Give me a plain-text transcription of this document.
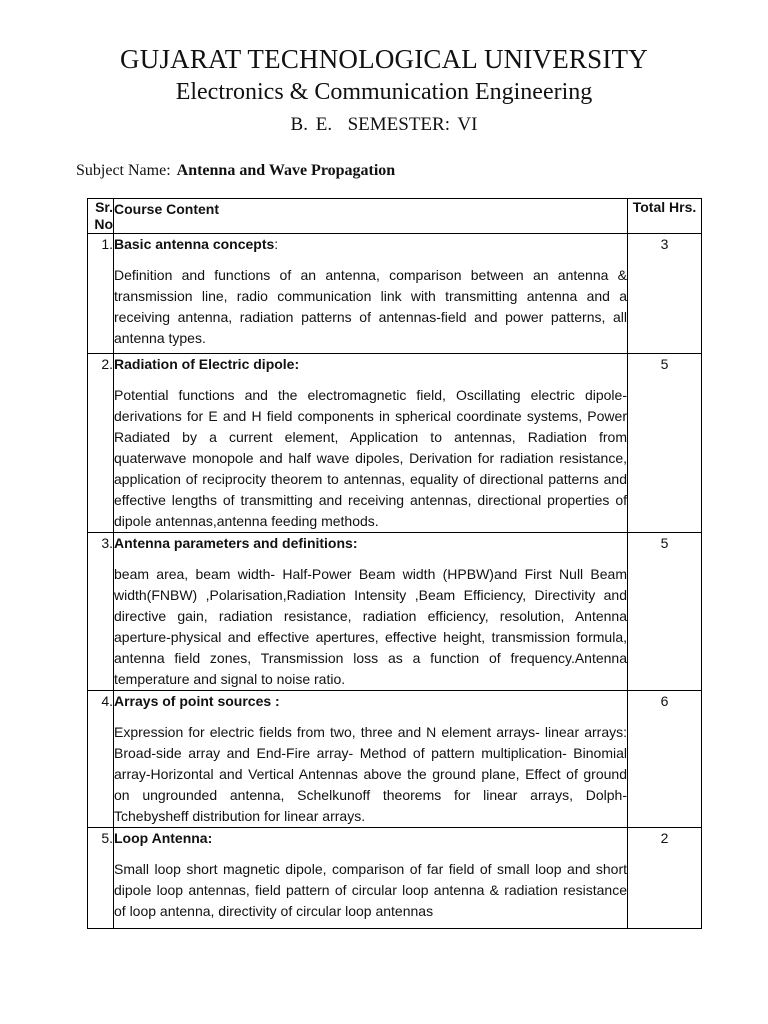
GUJARAT TECHNOLOGICAL UNIVERSITY
Electronics & Communication Engineering
B. E.  SEMESTER: VI
Subject Name: Antenna and Wave Propagation
Sr. No	Course Content	Total Hrs.
1.	Basic antenna concepts:
Definition and functions of an antenna, comparison between an antenna & transmission line, radio communication link with transmitting antenna and a receiving antenna, radiation patterns of antennas-field and power patterns, all antenna types.	3
2.	Radiation of Electric dipole:
Potential functions and the electromagnetic field, Oscillating electric dipole-derivations for E and H field components in spherical coordinate systems, Power Radiated by a current element, Application to antennas, Radiation from quaterwave monopole and half wave dipoles, Derivation for radiation resistance, application of reciprocity theorem to antennas, equality of directional patterns and effective lengths of transmitting and receiving antennas, directional properties of dipole antennas,antenna feeding methods.	5
3.	Antenna parameters and definitions:
beam area, beam width- Half-Power Beam width (HPBW)and First Null Beam width(FNBW) ,Polarisation,Radiation Intensity ,Beam Efficiency, Directivity and directive gain, radiation resistance, radiation efficiency, resolution, Antenna aperture-physical and effective apertures, effective height, transmission formula, antenna field zones, Transmission loss as a function of frequency.Antenna temperature and signal to noise ratio.	5
4.	Arrays of point sources :
Expression for electric fields from two, three and N element arrays- linear arrays: Broad-side array and End-Fire array- Method of pattern multiplication- Binomial array-Horizontal and Vertical Antennas above the ground plane, Effect of ground on ungrounded antenna, Schelkunoff theorems for linear arrays, Dolph-Tchebysheff distribution for linear arrays.	6
5.	Loop Antenna:
Small loop short magnetic dipole, comparison of far field of small loop and short dipole loop antennas, field pattern of circular loop antenna & radiation resistance of loop antenna, directivity of circular loop antennas	2
